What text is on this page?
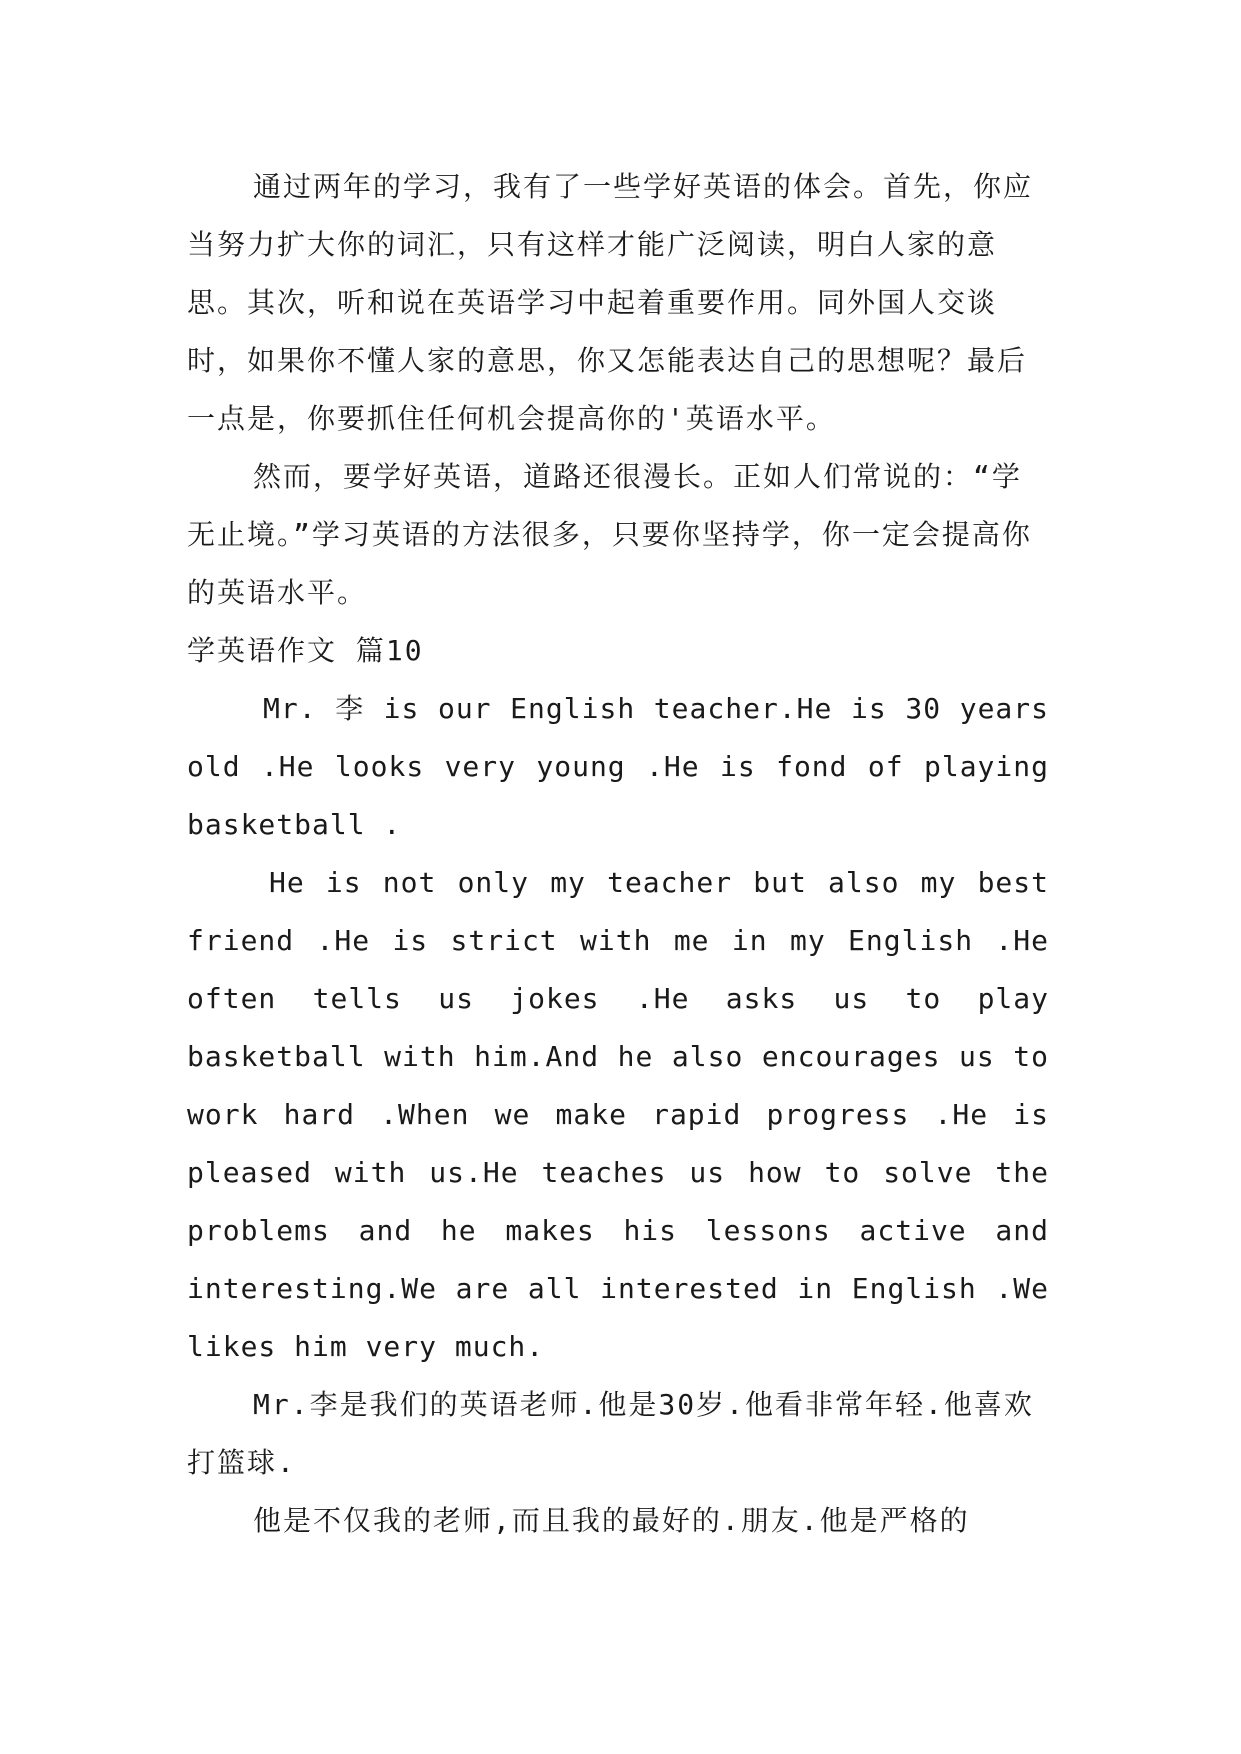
通过两年的学习，我有了一些学好英语的体会。首先，你应当努力扩大你的词汇，只有这样才能广泛阅读，明白人家的意思。其次，听和说在英语学习中起着重要作用。同外国人交谈时，如果你不懂人家的意思，你又怎能表达自己的思想呢？最后一点是，你要抓住任何机会提高你的'英语水平。

然而，要学好英语，道路还很漫长。正如人们常说的：“学无止境。”学习英语的方法很多，只要你坚持学，你一定会提高你的英语水平。

学英语作文 篇10

Mr. 李 is our English teacher.He is 30 years old .He looks very young .He is fond of playing basketball .

He is not only my teacher but also my best friend .He is strict with me in my English .He often tells us jokes .He asks us to play basketball with him.And he also encourages us to work hard .When we make rapid progress .He is pleased with us.He teaches us how to solve the problems and he makes his lessons active and interesting.We are all interested in English .We likes him very much.

Mr.李是我们的英语老师.他是30岁.他看非常年轻.他喜欢打篮球.

他是不仅我的老师,而且我的最好的.朋友.他是严格的
